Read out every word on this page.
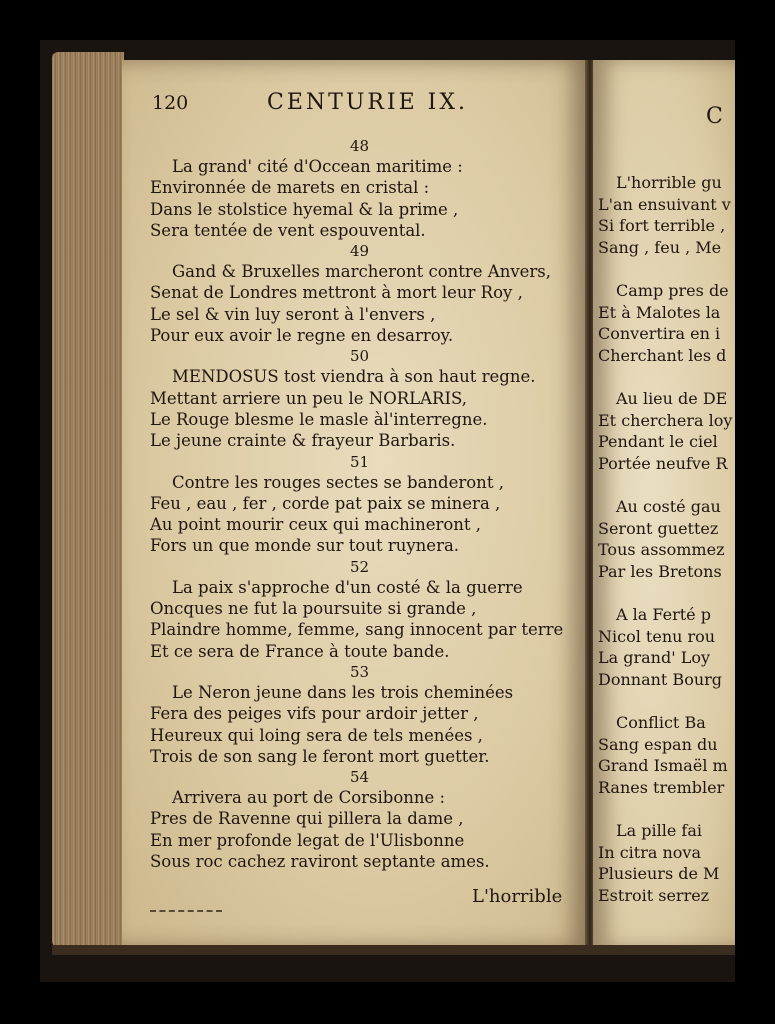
120	CENTURIE IX.
48
La grand' cité d'Occean maritime :
Environnée de marets en cristal :
Dans le stolstice hyemal & la prime ,
Sera tentée de vent espouvental.
49
Gand & Bruxelles marcheront contre Anvers,
Senat de Londres mettront à mort leur Roy ,
Le sel & vin luy seront à l'envers ,
Pour eux avoir le regne en desarroy.
50
MENDOSUS tost viendra à son haut regne.
Mettant arriere un peu le NORLARIS,
Le Rouge blesme le masle àl'interregne.
Le jeune crainte & frayeur Barbaris.
51
Contre les rouges sectes se banderont ,
Feu , eau , fer , corde pat paix se minera ,
Au point mourir ceux qui machineront ,
Fors un que monde sur tout ruynera.
52
La paix s'approche d'un costé & la guerre
Oncques ne fut la poursuite si grande ,
Plaindre homme, femme, sang innocent par terre
Et ce sera de France à toute bande.
53
Le Neron jeune dans les trois cheminées
Fera des peiges vifs pour ardoir jetter ,
Heureux qui loing sera de tels menées ,
Trois de son sang le feront mort guetter.
54
Arrivera au port de Corsibonne :
Pres de Ravenne qui pillera la dame ,
En mer profonde legat de l'Ulisbonne
Sous roc cachez raviront septante ames.
L'horrible
C
L'horrible gu
L'an ensuivant v
Si fort terrible ,
Sang , feu , Me
Camp pres de
Et à Malotes la
Convertira en i
Cherchant les d
Au lieu de DE
Et cherchera loy
Pendant le ciel
Portée neufve R
Au costé gau
Seront guettez
Tous assommez
Par les Bretons
A la Ferté p
Nicol tenu rou
La grand' Loy
Donnant Bourg
Conflict Ba
Sang espan du
Grand Ismaël m
Ranes trembler
La pille fai
In citra nova
Plusieurs de M
Estroit serrez
